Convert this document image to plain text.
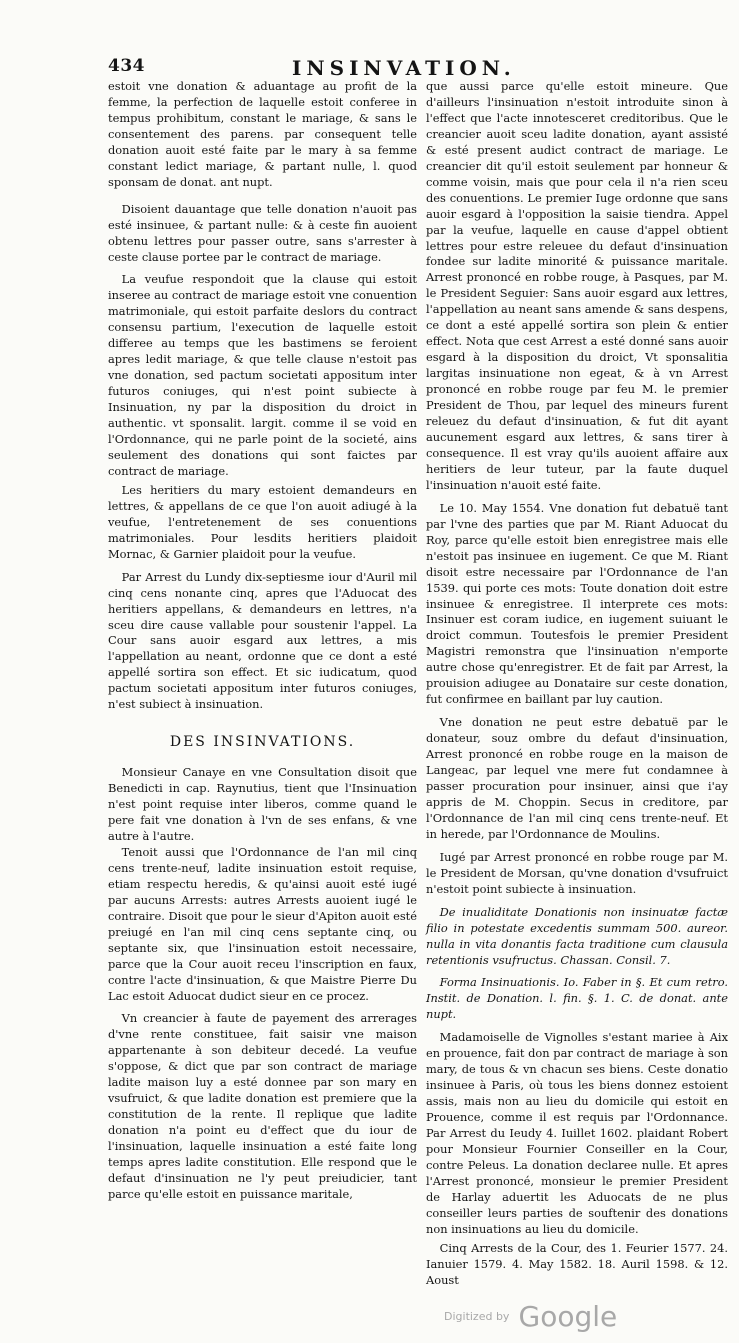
434	INSINVATION.

estoit vne donation & aduantage au profit de la femme, la perfection de laquelle estoit conferee in tempus prohibitum, constant le mariage, & sans le consentement des parens. par consequent telle donation auoit esté faite par le mary à sa femme constant ledict mariage, & partant nulle, l. quod sponsam de donat. ant nupt.

Disoient dauantage que telle donation n'auoit pas esté insinuee, & partant nulle: & à ceste fin auoient obtenu lettres pour passer outre, sans s'arrester à ceste clause portee par le contract de mariage.

La veufue respondoit que la clause qui estoit inseree au contract de mariage estoit vne conuention matrimoniale, qui estoit parfaite deslors du contract consensu partium, l'execution de laquelle estoit differee au temps que les bastimens se feroient apres ledit mariage, & que telle clause n'estoit pas vne donation, sed pactum societati appositum inter futuros coniuges, qui n'est point subiecte à Insinuation, ny par la disposition du droict in authentic. vt sponsalit. largit. comme il se void en l'Ordonnance, qui ne parle point de la societé, ains seulement des donations qui sont faictes par contract de mariage.

Les heritiers du mary estoient demandeurs en lettres, & appellans de ce que l'on auoit adiugé à la veufue, l'entretenement de ses conuentions matrimoniales. Pour lesdits heritiers plaidoit Mornac, & Garnier plaidoit pour la veufue.

Par Arrest du Lundy dix-septiesme iour d'Auril mil cinq cens nonante cinq, apres que l'Aduocat des heritiers appellans, & demandeurs en lettres, n'a sceu dire cause vallable pour soustenir l'appel. La Cour sans auoir esgard aux lettres, a mis l'appellation au neant, ordonne que ce dont a esté appellé sortira son effect. Et sic iudicatum, quod pactum societati appositum inter futuros coniuges, n'est subiect à insinuation.

DES INSINVATIONS.

Monsieur Canaye en vne Consultation disoit que Benedicti in cap. Raynutius, tient que l'Insinuation n'est point requise inter liberos, comme quand le pere fait vne donation à l'vn de ses enfans, & vne autre à l'autre.

Tenoit aussi que l'Ordonnance de l'an mil cinq cens trente-neuf, ladite insinuation estoit requise, etiam respectu heredis, & qu'ainsi auoit esté iugé par aucuns Arrests: autres Arrests auoient iugé le contraire. Disoit que pour le sieur d'Apiton auoit esté preiugé en l'an mil cinq cens septante cinq, ou septante six, que l'insinuation estoit necessaire, parce que la Cour auoit receu l'inscription en faux, contre l'acte d'insinuation, & que Maistre Pierre Du Lac estoit Aduocat dudict sieur en ce procez.

Vn creancier à faute de payement des arrerages d'vne rente constituee, fait saisir vne maison appartenante à son debiteur decedé. La veufue s'oppose, & dict que par son contract de mariage ladite maison luy a esté donnee par son mary en vsufruict, & que ladite donation est premiere que la constitution de la rente. Il replique que ladite donation n'a point eu d'effect que du iour de l'insinuation, laquelle insinuation a esté faite long temps apres ladite constitution. Elle respond que le defaut d'insinuation ne l'y peut preiudicier, tant parce qu'elle estoit en puissance maritale,

que aussi parce qu'elle estoit mineure. Que d'ailleurs l'insinuation n'estoit introduite sinon à l'effect que l'acte innotesceret creditoribus. Que le creancier auoit sceu ladite donation, ayant assisté & esté present audict contract de mariage. Le creancier dit qu'il estoit seulement par honneur & comme voisin, mais que pour cela il n'a rien sceu des conuentions. Le premier Iuge ordonne que sans auoir esgard à l'opposition la saisie tiendra. Appel par la veufue, laquelle en cause d'appel obtient lettres pour estre releuee du defaut d'insinuation fondee sur ladite minorité & puissance maritale. Arrest prononcé en robbe rouge, à Pasques, par M. le President Seguier: Sans auoir esgard aux lettres, l'appellation au neant sans amende & sans despens, ce dont a esté appellé sortira son plein & entier effect. Nota que cest Arrest a esté donné sans auoir esgard à la disposition du droict, Vt sponsalitia largitas insinuatione non egeat, & à vn Arrest prononcé en robbe rouge par feu M. le premier President de Thou, par lequel des mineurs furent releuez du defaut d'insinuation, & fut dit ayant aucunement esgard aux lettres, & sans tirer à consequence. Il est vray qu'ils auoient affaire aux heritiers de leur tuteur, par la faute duquel l'insinuation n'auoit esté faite.

Le 10. May 1554. Vne donation fut debatuë tant par l'vne des parties que par M. Riant Aduocat du Roy, parce qu'elle estoit bien enregistree mais elle n'estoit pas insinuee en iugement. Ce que M. Riant disoit estre necessaire par l'Ordonnance de l'an 1539. qui porte ces mots: Toute donation doit estre insinuee & enregistree. Il interprete ces mots: Insinuer est coram iudice, en iugement suiuant le droict commun. Toutesfois le premier President Magistri remonstra que l'insinuation n'emporte autre chose qu'enregistrer. Et de fait par Arrest, la prouision adiugee au Donataire sur ceste donation, fut confirmee en baillant par luy caution.

Vne donation ne peut estre debatuë par le donateur, souz ombre du defaut d'insinuation, Arrest prononcé en robbe rouge en la maison de Langeac, par lequel vne mere fut condamnee à passer procuration pour insinuer, ainsi que i'ay appris de M. Choppin. Secus in creditore, par l'Ordonnance de l'an mil cinq cens trente-neuf. Et in herede, par l'Ordonnance de Moulins.

Iugé par Arrest prononcé en robbe rouge par M. le President de Morsan, qu'vne donation d'vsufruict n'estoit point subiecte à insinuation.

De inualiditate Donationis non insinuatæ factæ filio in potestate excedentis summam 500. aureor. nulla in vita donantis facta traditione cum clausula retentionis vsufructus. Chassan. Consil. 7.

Forma Insinuationis. Io. Faber in §. Et cum retro. Instit. de Donation. l. fin. §. 1. C. de donat. ante nupt.

Madamoiselle de Vignolles s'estant mariee à Aix en prouence, fait don par contract de mariage à son mary, de tous & vn chacun ses biens. Ceste donatio insinuee à Paris, où tous les biens donnez estoient assis, mais non au lieu du domicile qui estoit en Prouence, comme il est requis par l'Ordonnance. Par Arrest du Ieudy 4. Iuillet 1602. plaidant Robert pour Monsieur Fournier Conseiller en la Cour, contre Peleus. La donation declaree nulle. Et apres l'Arrest prononcé, monsieur le premier President de Harlay aduertit les Aduocats de ne plus conseiller leurs parties de souftenir des donations non insinuations au lieu du domicile.

Cinq Arrests de la Cour, des 1. Feurier 1577. 24. Ianuier 1579. 4. May 1582. 18. Auril 1598. & 12. Aoust

Digitized by Google
